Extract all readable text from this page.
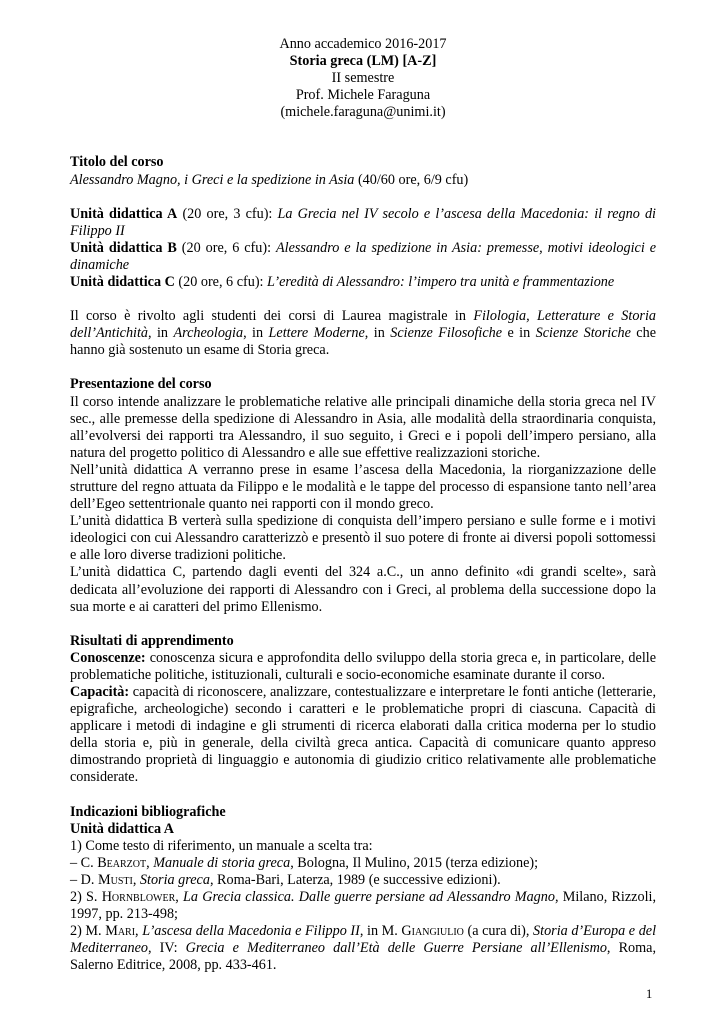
Anno accademico 2016-2017
Storia greca (LM) [A-Z]
II semestre
Prof. Michele Faraguna
(michele.faraguna@unimi.it)

Titolo del corso

Alessandro Magno, i Greci e la spedizione in Asia (40/60 ore, 6/9 cfu)

Unità didattica A (20 ore, 3 cfu): La Grecia nel IV secolo e l’ascesa della Macedonia: il regno di Filippo II

Unità didattica B (20 ore, 6 cfu): Alessandro e la spedizione in Asia: premesse, motivi ideologici e dinamiche

Unità didattica C (20 ore, 6 cfu): L’eredità di Alessandro: l’impero tra unità e frammentazione

Il corso è rivolto agli studenti dei corsi di Laurea magistrale in Filologia, Letterature e Storia dell’Antichità, in Archeologia, in Lettere Moderne, in Scienze Filosofiche e in Scienze Storiche che hanno già sostenuto un esame di Storia greca.

Presentazione del corso

Il corso intende analizzare le problematiche relative alle principali dinamiche della storia greca nel IV sec., alle premesse della spedizione di Alessandro in Asia, alle modalità della straordinaria conquista, all’evolversi dei rapporti tra Alessandro, il suo seguito, i Greci e i popoli dell’impero persiano, alla natura del progetto politico di Alessandro e alle sue effettive realizzazioni storiche.

Nell’unità didattica A verranno prese in esame l’ascesa della Macedonia, la riorganizzazione delle strutture del regno attuata da Filippo e le modalità e le tappe del processo di espansione tanto nell’area dell’Egeo settentrionale quanto nei rapporti con il mondo greco.

L’unità didattica B verterà sulla spedizione di conquista dell’impero persiano e sulle forme e i motivi ideologici con cui Alessandro caratterizzò e presentò il suo potere di fronte ai diversi popoli sottomessi e alle loro diverse tradizioni politiche.

L’unità didattica C, partendo dagli eventi del 324 a.C., un anno definito «di grandi scelte», sarà dedicata all’evoluzione dei rapporti di Alessandro con i Greci, al problema della successione dopo la sua morte e ai caratteri del primo Ellenismo.

Risultati di apprendimento

Conoscenze: conoscenza sicura e approfondita dello sviluppo della storia greca e, in particolare, delle problematiche politiche, istituzionali, culturali e socio-economiche esaminate durante il corso.

Capacità: capacità di riconoscere, analizzare, contestualizzare e interpretare le fonti antiche (letterarie, epigrafiche, archeologiche) secondo i caratteri e le problematiche propri di ciascuna. Capacità di applicare i metodi di indagine e gli strumenti di ricerca elaborati dalla critica moderna per lo studio della storia e, più in generale, della civiltà greca antica. Capacità di comunicare quanto appreso dimostrando proprietà di linguaggio e autonomia di giudizio critico relativamente alle problematiche considerate.

Indicazioni bibliografiche

Unità didattica A

1) Come testo di riferimento, un manuale a scelta tra:

– C. Bearzot, Manuale di storia greca, Bologna, Il Mulino, 2015 (terza edizione);

– D. Musti, Storia greca, Roma-Bari, Laterza, 1989 (e successive edizioni).

2) S. Hornblower, La Grecia classica. Dalle guerre persiane ad Alessandro Magno, Milano, Rizzoli, 1997, pp. 213-498;

2) M. Mari, L’ascesa della Macedonia e Filippo II, in M. Giangiulio (a cura di), Storia d’Europa e del Mediterraneo, IV: Grecia e Mediterraneo dall’Età delle Guerre Persiane all’Ellenismo, Roma, Salerno Editrice, 2008, pp. 433-461.

1
